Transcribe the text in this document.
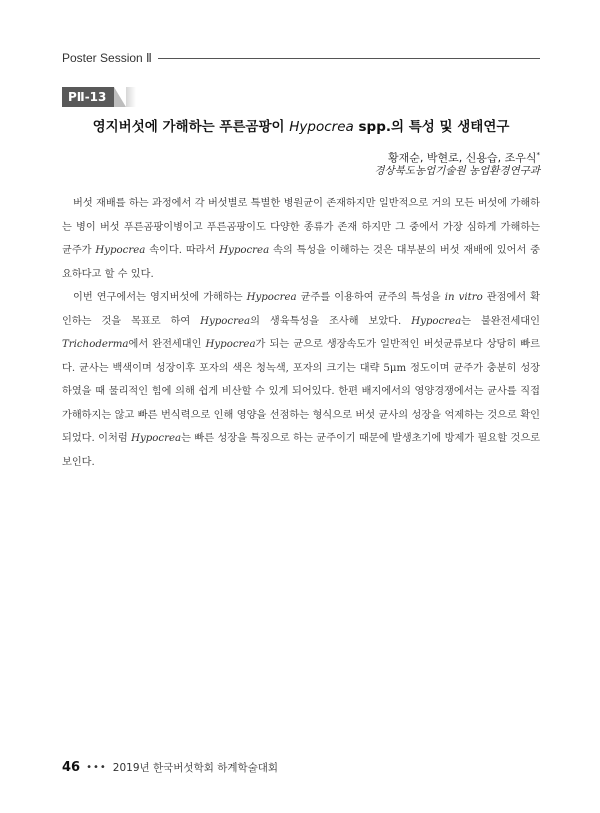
Poster Session Ⅱ
PⅡ-13
영지버섯에 가해하는 푸른곰팡이 Hypocrea spp.의 특성 및 생태연구
황재순, 박현로, 신용습, 조우식*
경상북도농업기술원 농업환경연구과

버섯 재배를 하는 과정에서 각 버섯별로 특별한 병원균이 존재하지만 일반적으로 거의 모든 버섯에 가해하는 병이 버섯 푸른곰팡이병이고 푸른곰팡이도 다양한 종류가 존재 하지만 그 중에서 가장 심하게 가해하는 균주가 Hypocrea 속이다. 따라서 Hypocrea 속의 특성을 이해하는 것은 대부분의 버섯 재배에 있어서 중요하다고 할 수 있다.

이번 연구에서는 영지버섯에 가해하는 Hypocrea 균주를 이용하여 균주의 특성을 in vitro 관점에서 확인하는 것을 목표로 하여 Hypocrea의 생육특성을 조사해 보았다. Hypocrea는 불완전세대인 Trichoderma에서 완전세대인 Hypocrea가 되는 균으로 생장속도가 일반적인 버섯균류보다 상당히 빠르다. 균사는 백색이며 성장이후 포자의 색은 청녹색, 포자의 크기는 대략 5μm 정도이며 균주가 충분히 성장하였을 때 물리적인 힘에 의해 쉽게 비산할 수 있게 되어있다. 한편 배지에서의 영양경쟁에서는 균사를 직접 가해하지는 않고 빠른 번식력으로 인해 영양을 선점하는 형식으로 버섯 균사의 성장을 억제하는 것으로 확인되었다. 이처럼 Hypocrea는 빠른 성장을 특징으로 하는 균주이기 때문에 발생초기에 방제가 필요할 것으로 보인다.

46 ••• 2019년 한국버섯학회 하계학술대회
